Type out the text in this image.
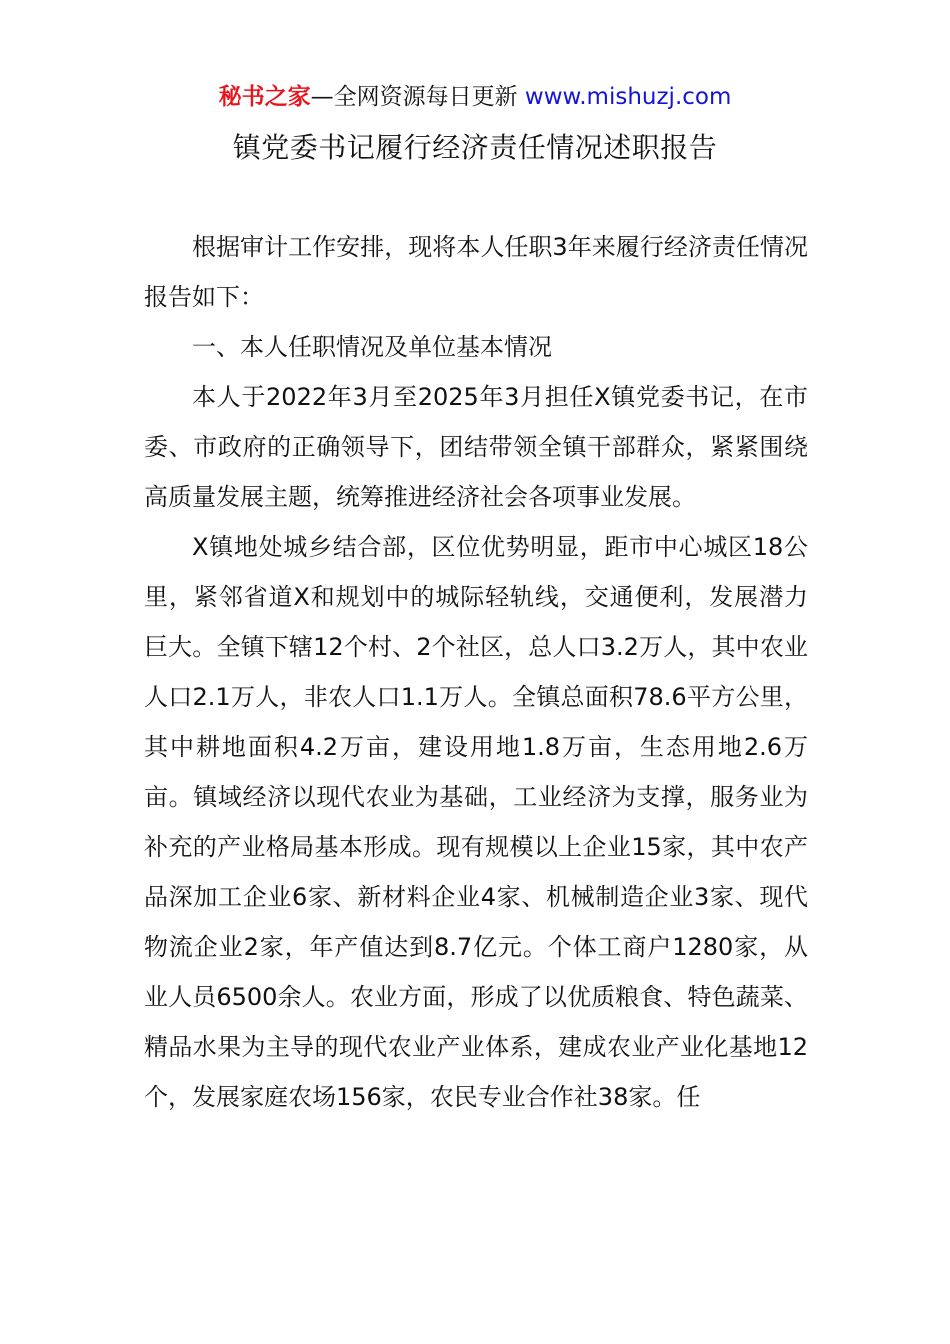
秘书之家—全网资源每日更新 www.mishuzj.com
镇党委书记履行经济责任情况述职报告

根据审计工作安排，现将本人任职3年来履行经济责任情况报告如下：

一、本人任职情况及单位基本情况

本人于2022年3月至2025年3月担任X镇党委书记，在市委、市政府的正确领导下，团结带领全镇干部群众，紧紧围绕高质量发展主题，统筹推进经济社会各项事业发展。

X镇地处城乡结合部，区位优势明显，距市中心城区18公里，紧邻省道X和规划中的城际轻轨线，交通便利，发展潜力巨大。全镇下辖12个村、2个社区，总人口3.2万人，其中农业人口2.1万人，非农人口1.1万人。全镇总面积78.6平方公里，其中耕地面积4.2万亩，建设用地1.8万亩，生态用地2.6万亩。镇域经济以现代农业为基础，工业经济为支撑，服务业为补充的产业格局基本形成。现有规模以上企业15家，其中农产品深加工企业6家、新材料企业4家、机械制造企业3家、现代物流企业2家，年产值达到8.7亿元。个体工商户1280家，从业人员6500余人。农业方面，形成了以优质粮食、特色蔬菜、精品水果为主导的现代农业产业体系，建成农业产业化基地12个，发展家庭农场156家，农民专业合作社38家。任
